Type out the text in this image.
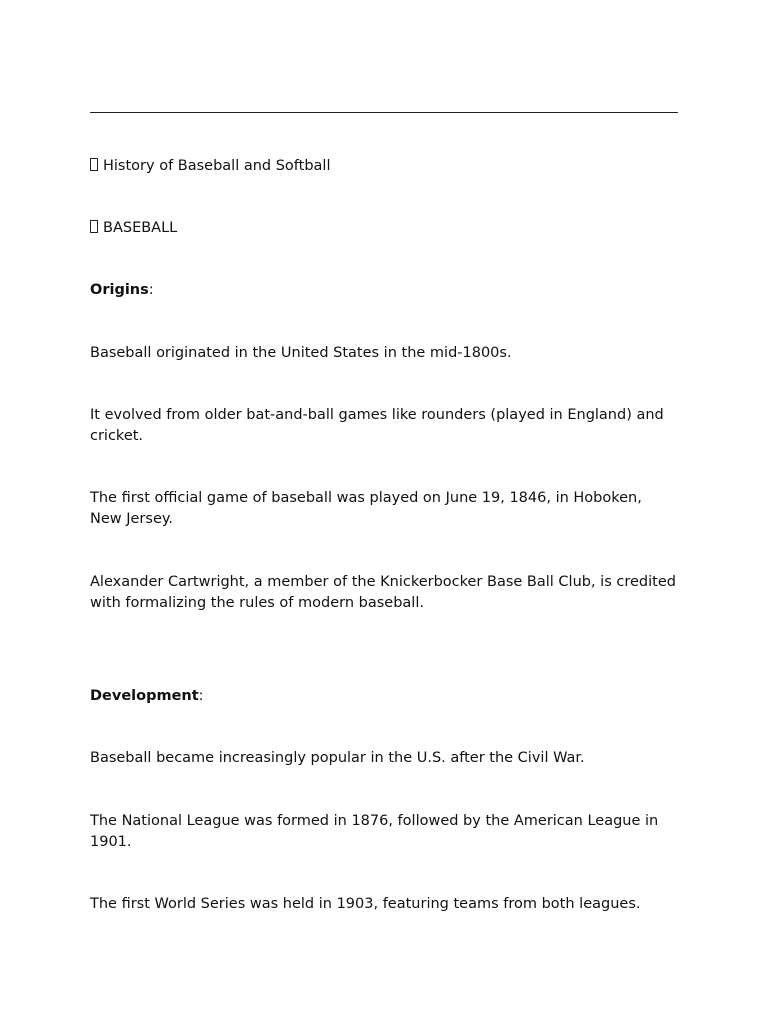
History of Baseball and Softball

BASEBALL

Origins:

Baseball originated in the United States in the mid-1800s.

It evolved from older bat-and-ball games like rounders (played in England) and cricket.

The first official game of baseball was played on June 19, 1846, in Hoboken, New Jersey.

Alexander Cartwright, a member of the Knickerbocker Base Ball Club, is credited with formalizing the rules of modern baseball.

Development:

Baseball became increasingly popular in the U.S. after the Civil War.

The National League was formed in 1876, followed by the American League in 1901.

The first World Series was held in 1903, featuring teams from both leagues.
